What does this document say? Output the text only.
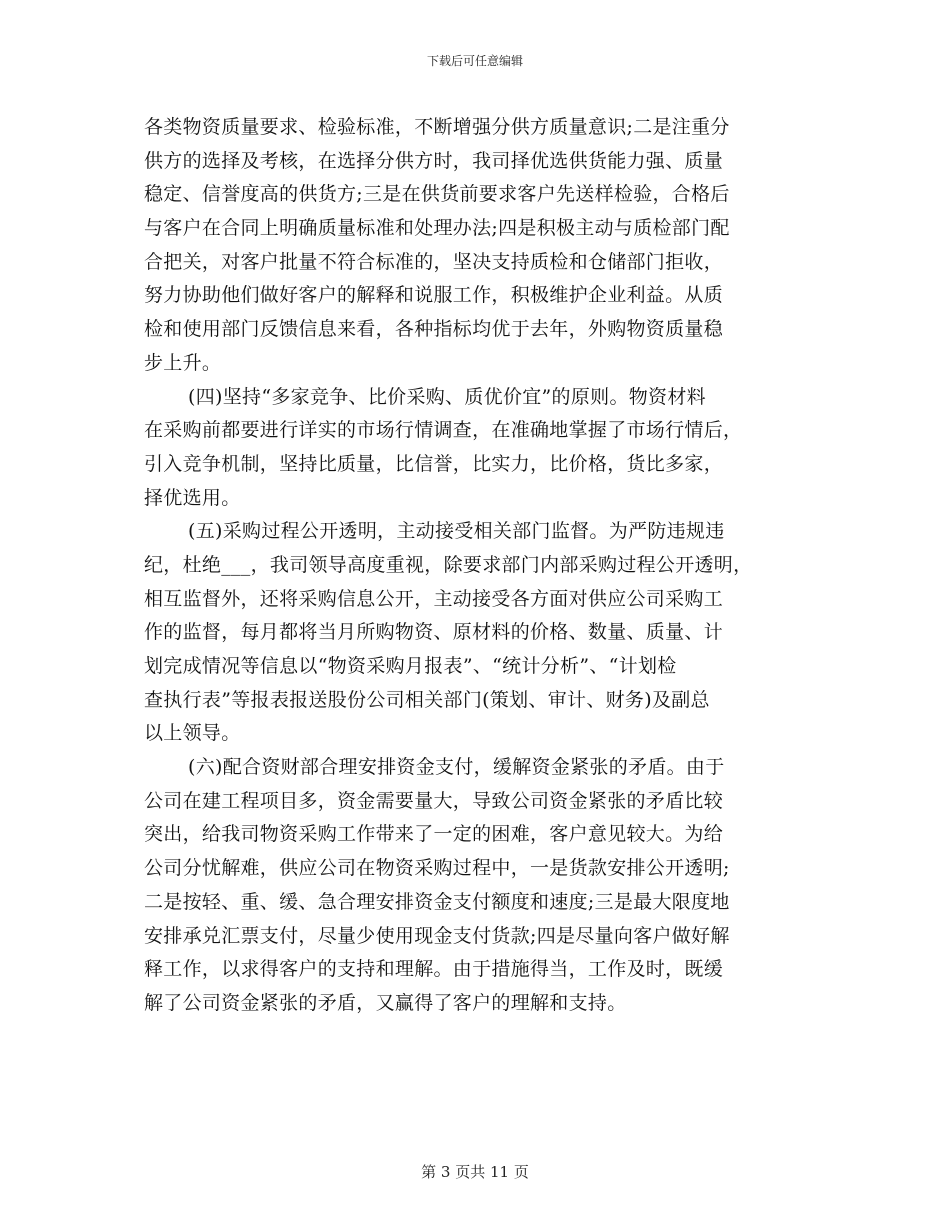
下载后可任意编辑
各类物资质量要求、检验标准，不断增强分供方质量意识;二是注重分
供方的选择及考核，在选择分供方时，我司择优选供货能力强、质量
稳定、信誉度高的供货方;三是在供货前要求客户先送样检验，合格后
与客户在合同上明确质量标准和处理办法;四是积极主动与质检部门配
合把关，对客户批量不符合标准的，坚决支持质检和仓储部门拒收，
努力协助他们做好客户的解释和说服工作，积极维护企业利益。从质
检和使用部门反馈信息来看，各种指标均优于去年，外购物资质量稳
步上升。
(四)坚持“多家竞争、比价采购、质优价宜”的原则。物资材料
在采购前都要进行详实的市场行情调查，在准确地掌握了市场行情后，
引入竞争机制，坚持比质量，比信誉，比实力，比价格，货比多家，
择优选用。
(五)采购过程公开透明，主动接受相关部门监督。为严防违规违
纪，杜绝___，我司领导高度重视，除要求部门内部采购过程公开透明，
相互监督外，还将采购信息公开，主动接受各方面对供应公司采购工
作的监督，每月都将当月所购物资、原材料的价格、数量、质量、计
划完成情况等信息以“物资采购月报表”、“统计分析”、“计划检
查执行表”等报表报送股份公司相关部门(策划、审计、财务)及副总
以上领导。
(六)配合资财部合理安排资金支付，缓解资金紧张的矛盾。由于
公司在建工程项目多，资金需要量大，导致公司资金紧张的矛盾比较
突出，给我司物资采购工作带来了一定的困难，客户意见较大。为给
公司分忧解难，供应公司在物资采购过程中，一是货款安排公开透明;
二是按轻、重、缓、急合理安排资金支付额度和速度;三是最大限度地
安排承兑汇票支付，尽量少使用现金支付货款;四是尽量向客户做好解
释工作，以求得客户的支持和理解。由于措施得当，工作及时，既缓
解了公司资金紧张的矛盾，又赢得了客户的理解和支持。
第 3 页共 11 页
